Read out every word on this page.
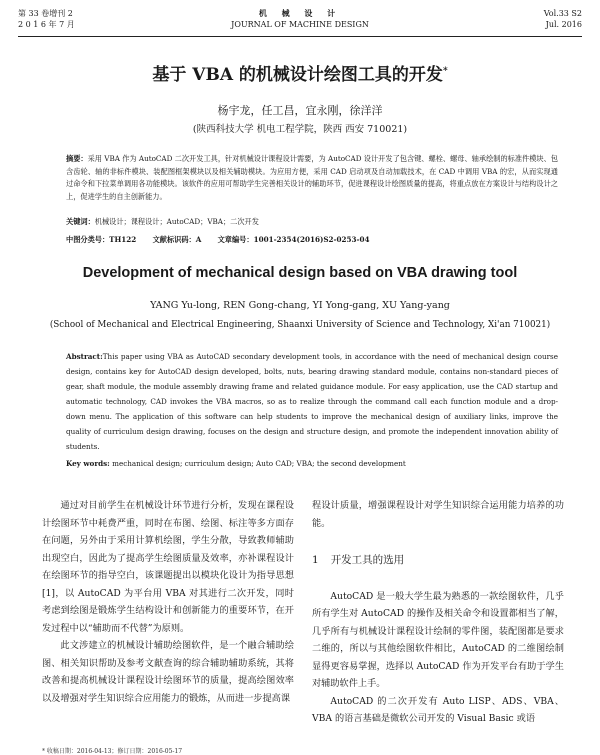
第 33 卷增刊 2
2 0 1 6 年 7 月
机 械 设 计
JOURNAL OF MACHINE DESIGN
Vol.33 S2
Jul. 2016
基于 VBA 的机械设计绘图工具的开发*
杨宇龙，任工昌，宜永刚，徐洋洋
(陕西科技大学 机电工程学院，陕西 西安 710021)
摘要：采用 VBA 作为 AutoCAD 二次开发工具，针对机械设计课程设计需要，为 AutoCAD 设计开发了包含键、螺栓、螺母、轴承绘制的标准件模块、包含齿轮、轴的非标件模块、装配图框架模块以及相关辅助模块。为应用方便，采用 CAD 启动项及自动加载技术，在 CAD 中调用 VBA 的宏，从而实现通过命令和下拉菜单调用各功能模块。该软件的应用可帮助学生完善相关设计的辅助环节，促进课程设计绘图质量的提高，将重点放在方案设计与结构设计之上，促进学生的自主创新能力。
关键词：机械设计；课程设计；AutoCAD；VBA；二次开发
中图分类号：TH122 文献标识码：A 文章编号：1001-2354(2016)S2-0253-04
Development of mechanical design based on VBA drawing tool
YANG Yu-long, REN Gong-chang, YI Yong-gang, XU Yang-yang
(School of Mechanical and Electrical Engineering, Shaanxi University of Science and Technology, Xi'an 710021)
Abstract:This paper using VBA as AutoCAD secondary development tools, in accordance with the need of mechanical design course design, contains key for AutoCAD design developed, bolts, nuts, bearing drawing standard module, contains non-standard pieces of gear, shaft module, the module assembly drawing frame and related guidance module. For easy application, use the CAD startup and automatic technology, CAD invokes the VBA macros, so as to realize through the command call each function module and a drop-down menu. The application of this software can help students to improve the mechanical design of auxiliary links, improve the quality of curriculum design drawing, focuses on the design and structure design, and promote the independent innovation ability of students.
Key words: mechanical design; curriculum design; Auto CAD; VBA; the second development

通过对目前学生在机械设计环节进行分析，发现在课程设计绘图环节中耗费严重，同时在布图、绘图、标注等多方面存在问题，另外由于采用计算机绘图，学生分散，导致教师辅助出现空白，因此为了提高学生绘图质量及效率，亦补课程设计在绘图环节的指导空白，该课题提出以模块化设计为指导思想[1]，以 AutoCAD 为平台用 VBA 对其进行二次开发，同时考虑到绘图是锻炼学生结构设计和创新能力的重要环节，在开发过程中以“辅助而不代替”为原则。

此文涉建立的机械设计辅助绘图软件，是一个融合辅助绘图、相关知识帮助及参考文献查询的综合辅助辅助系统，其将改善和提高机械设计课程设计绘图环节的质量，提高绘图效率以及增强对学生知识综合应用能力的锻炼，从而进一步提高课

程设计质量，增强课程设计对学生知识综合运用能力培养的功能。

1 开发工具的选用

AutoCAD 是一般大学生最为熟悉的一款绘图软件，几乎所有学生对 AutoCAD 的操作及相关命令和设置都相当了解，几乎所有与机械设计课程设计绘制的零件图，装配图都是要求二维的，所以与其他绘图软件相比，AutoCAD 的二维图绘制显得更容易掌握，选择以 AutoCAD 作为开发平台有助于学生对辅助软件上手。

AutoCAD 的二次开发有 Auto LISP、ADS、VBA、VBA 的语言基础是微软公司开发的 Visual Basic 或语

* 收稿日期：2016-04-13；修订日期：2016-05-17
